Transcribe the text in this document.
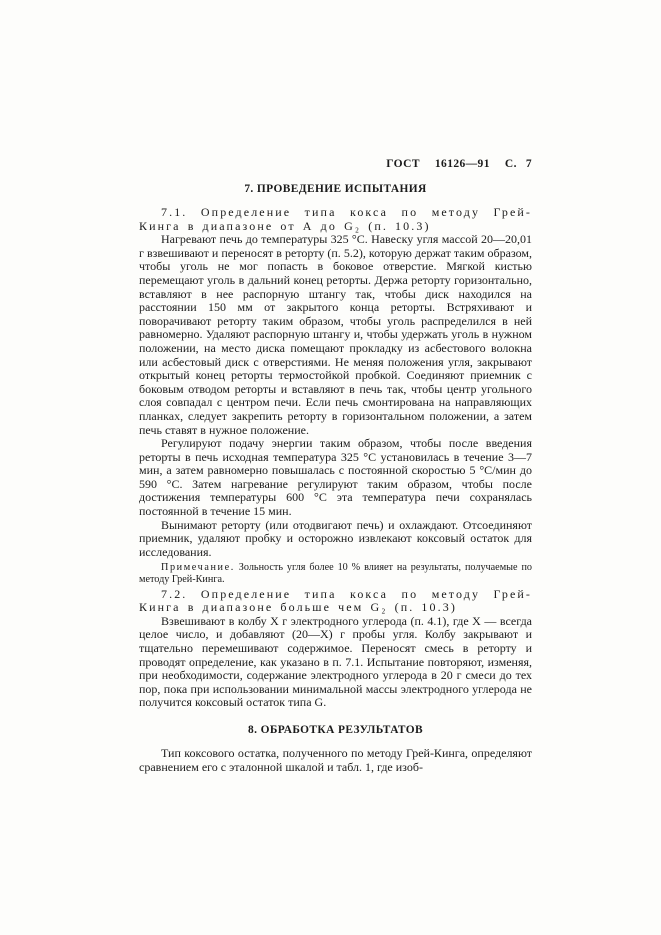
ГОСТ 16126—91 С. 7
7. ПРОВЕДЕНИЕ ИСПЫТАНИЯ

7.1. Определение типа кокса по методу Грей-Кинга в диапазоне от А до G₂ (п. 10.3)

Нагревают печь до температуры 325 °С. Навеску угля массой 20—20,01 г взвешивают и переносят в реторту (п. 5.2), которую держат таким образом, чтобы уголь не мог попасть в боковое отверстие. Мягкой кистью перемещают уголь в дальний конец реторты. Держа реторту горизонтально, вставляют в нее распорную штангу так, чтобы диск находился на расстоянии 150 мм от закрытого конца реторты. Встряхивают и поворачивают реторту таким образом, чтобы уголь распределился в ней равномерно. Удаляют распорную штангу и, чтобы удержать уголь в нужном положении, на место диска помещают прокладку из асбестового волокна или асбестовый диск с отверстиями. Не меняя положения угля, закрывают открытый конец реторты термостойкой пробкой. Соединяют приемник с боковым отводом реторты и вставляют в печь так, чтобы центр угольного слоя совпадал с центром печи. Если печь смонтирована на направляющих планках, следует закрепить реторту в горизонтальном положении, а затем печь ставят в нужное положение.

Регулируют подачу энергии таким образом, чтобы после введения реторты в печь исходная температура 325 °С установилась в течение 3—7 мин, а затем равномерно повышалась с постоянной скоростью 5 °С/мин до 590 °С. Затем нагревание регулируют таким образом, чтобы после достижения температуры 600 °С эта температура печи сохранялась постоянной в течение 15 мин.

Вынимают реторту (или отодвигают печь) и охлаждают. Отсоединяют приемник, удаляют пробку и осторожно извлекают коксовый остаток для исследования.

Примечание. Зольность угля более 10 % влияет на результаты, получаемые по методу Грей-Кинга.

7.2. Определение типа кокса по методу Грей-Кинга в диапазоне больше чем G₂ (п. 10.3)

Взвешивают в колбу X г электродного углерода (п. 4.1), где X — всегда целое число, и добавляют (20—X) г пробы угля. Колбу закрывают и тщательно перемешивают содержимое. Переносят смесь в реторту и проводят определение, как указано в п. 7.1. Испытание повторяют, изменяя, при необходимости, содержание электродного углерода в 20 г смеси до тех пор, пока при использовании минимальной массы электродного углерода не получится коксовый остаток типа G.

8. ОБРАБОТКА РЕЗУЛЬТАТОВ

Тип коксового остатка, полученного по методу Грей-Кинга, определяют сравнением его с эталонной шкалой и табл. 1, где изоб-
